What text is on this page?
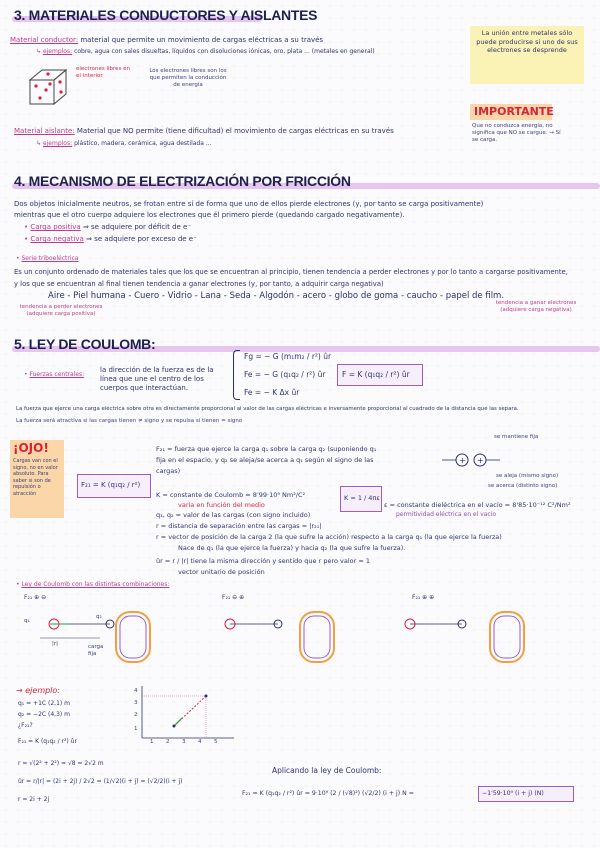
3. MATERIALES CONDUCTORES Y AISLANTES
Material conductor: material que permite un movimiento de cargas eléctricas a su través
↳ ejemplos: cobre, agua con sales disueltas, líquidos con disoluciones iónicas, oro, plata ... (metales en general)
electrones libres en el interior
Los electrones libres son los que permiten la conducción de energía
La unión entre metales sólo puede producirse si uno de sus electrones se desprende
IMPORTANTE
Que no conduzca energía, no significa que NO se cargue. → Sí se carga.
Material aislante: Material que NO permite (tiene dificultad) el movimiento de cargas eléctricas en su través
↳ ejemplos: plástico, madera, cerámica, agua destilada ...
4. MECANISMO DE ELECTRIZACIÓN POR FRICCIÓN
Dos objetos inicialmente neutros, se frotan entre sí de forma que uno de ellos pierde electrones (y, por tanto se carga positivamente)
mientras que el otro cuerpo adquiere los electrones que él primero pierde (quedando cargado negativamente).
• Carga positiva ⇒ se adquiere por déficit de e⁻
• Carga negativa ⇒ se adquiere por exceso de e⁻
• Serie triboeléctrica
Es un conjunto ordenado de materiales tales que los que se encuentran al principio, tienen tendencia a perder electrones y por lo tanto a cargarse positivamente,
y los que se encuentran al final tienen tendencia a ganar electrones (y, por tanto, a adquirir carga negativa)
Aire - Piel humana - Cuero - Vidrio - Lana - Seda - Algodón - acero - globo de goma - caucho - papel de film.
tendencia a perder electrones (adquiere carga positiva)
tendencia a ganar electrones (adquiere carga negativa)
5. LEY DE COULOMB:
• Fuerzas centrales:
la dirección de la fuerza es de la línea que une el centro de los cuerpos que interactúan.
Fg = − G (m₁m₂ / r²) ûr
Fe = − G (q₁q₂ / r²) ûr
Fe = − K Δx ûr
F = K (q₁q₂ / r²) ûr
La fuerza que ejerce una carga eléctrica sobre otra es directamente proporcional al valor de las cargas eléctricas e inversamente proporcional al cuadrado de la distancia que las separa.
La fuerza será atractiva si las cargas tienen ≠ signo y se repulsa si tienen = signo
¡OJO!
Cargas van con el signo, no en valor absoluto. Para saber si son de repulsión o atracción
F₂₁ = K (q₁q₂ / r²)
F₂₁ = fuerza que ejerce la carga q₁ sobre la carga q₂ (suponiendo q₁ fija en el espacio, y q₂ se aleja/se acerca a q₁ según el signo de las cargas)
K = constante de Coulomb = 8'99·10⁹ Nm²/C²
varía en función del medio
K = 1 / 4πε
ε = constante dieléctrica en el vacío = 8'85·10⁻¹² C²/Nm²
permitividad eléctrica en el vacío
q₁, q₂ = valor de las cargas (con signo incluido)
r = distancia de separación entre las cargas = |r₂₁|
r = vector de posición de la carga 2 (la que sufre la acción) respecto a la carga q₁ (la que ejerce la fuerza)
Nace de q₁ (la que ejerce la fuerza) y hacia q₂ (la que sufre la fuerza).
ûr = r / |r| tiene la misma dirección y sentido que r pero valor = 1
vector unitario de posición
se mantiene fija
+ +
se aleja (mismo signo)
se acerca (distinto signo)
• Ley de Coulomb con las distintas combinaciones:
F₂₁ ⊕ ⊖	F₂₁ ⊖ ⊕	F₂₁ ⊕ ⊕
q₁
q₂
|r|	carga fija
→ ejemplo:
q₁ = +1C (2,1) m
q₂ = −2C (4,3) m
¿F₂₁?
F₂₁ = K (q₁q₂ / r²) ûr
r = √(2² + 2²) = √8 = 2√2 m
ûr = r/|r| = (2i + 2j) / 2√2 = (1/√2)(i + j) = (√2/2)(i + j)
r = 2i + 2j
1 2 3 4 5
1
2
3
4
Aplicando la ley de Coulomb:
F₂₁ = K (q₁q₂ / r²) ûr = 9·10⁹ (2 / (√8)²) (√2/2) (i + j) N =	−1'59·10⁹ (i + j) (N)
